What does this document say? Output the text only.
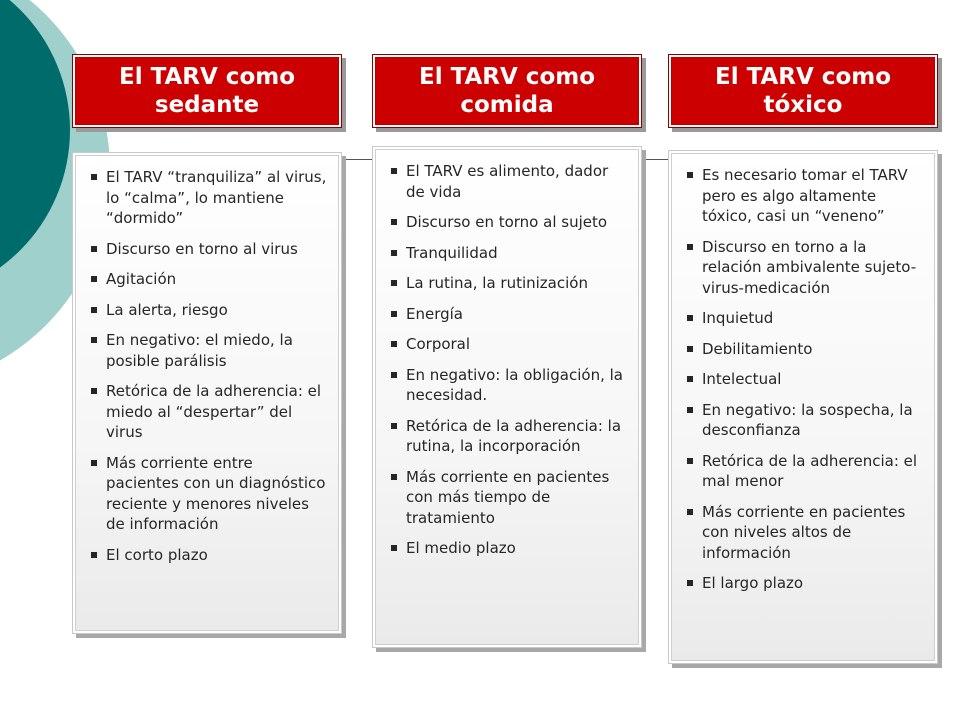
El TARV como sedante
El TARV como comida
El TARV como tóxico
El TARV “tranquiliza” al virus, lo “calma”, lo mantiene “dormido”
Discurso en torno al virus
Agitación
La alerta, riesgo
En negativo: el miedo, la posible parálisis
Retórica de la adherencia: el miedo al “despertar” del virus
Más corriente entre pacientes con un diagnóstico reciente y menores niveles de información
El corto plazo
El TARV es alimento, dador de vida
Discurso en torno al sujeto
Tranquilidad
La rutina, la rutinización
Energía
Corporal
En negativo: la obligación, la necesidad.
Retórica de la adherencia: la rutina, la incorporación
Más corriente en pacientes con más tiempo de tratamiento
El medio plazo
Es necesario tomar el TARV pero es algo altamente tóxico, casi un “veneno”
Discurso en torno a la relación ambivalente sujeto-virus-medicación
Inquietud
Debilitamiento
Intelectual
En negativo: la sospecha, la desconfianza
Retórica de la adherencia: el mal menor
Más corriente en pacientes con niveles altos de información
El largo plazo
